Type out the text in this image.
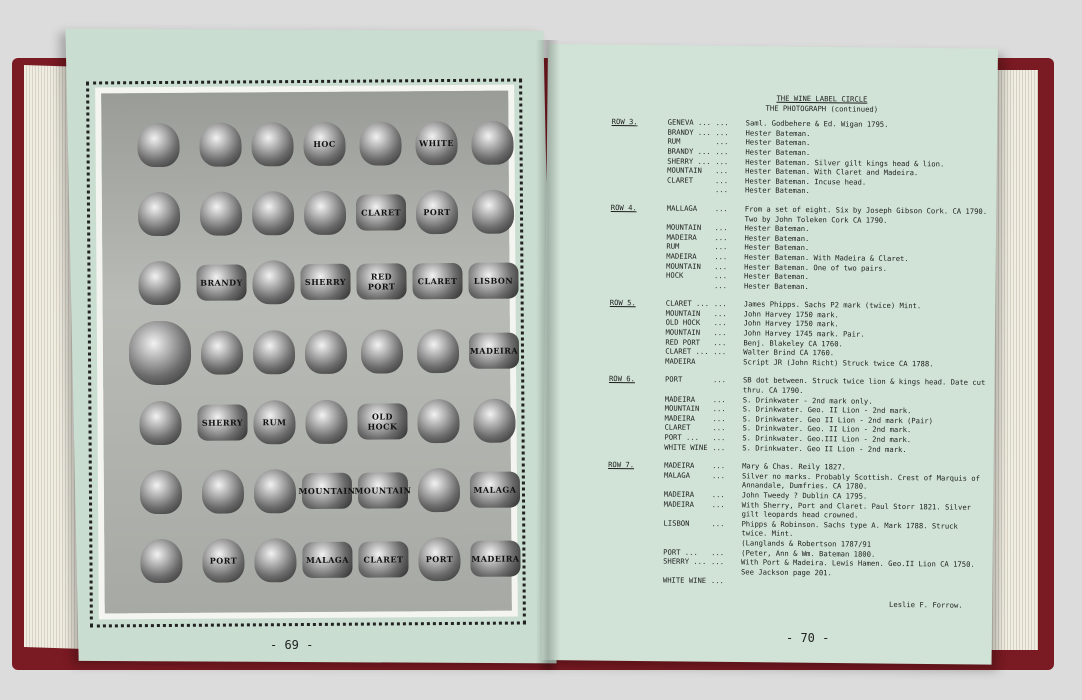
HOC	WHITE
CLARET	PORT
BRANDY	SHERRY
RED PORT
CLARET	LISBON
MADEIRA
SHERRY	RUM
OLD HOCK
MOUNTAIN MOUNTAIN	MALAGA
PORT	MALAGA	CLARET	PORT	MADEIRA
- 69 -	- 70 -
THE WINE LABEL CIRCLE
THE PHOTOGRAPH (continued)
ROW 3.	GENEVA ... ...	Saml. Godbehere & Ed. Wigan 1795.
BRANDY ... ...	Hester Bateman.
RUM	...	Hester Bateman.
BRANDY ... ...	Hester Bateman.
SHERRY ... ...	Hester Bateman. Silver gilt kings head & lion.
MOUNTAIN	...	Hester Bateman. With Claret and Madeira.
CLARET	...	Hester Bateman. Incuse head.
...	Hester Bateman.
ROW 4.	MALLAGA	...	From a set of eight. Six by Joseph Gibson Cork. CA 1790. Two by John Toleken Cork CA 1790.
MOUNTAIN	...	Hester Bateman.
MADEIRA	...	Hester Bateman.
RUM	...	Hester Bateman.
MADEIRA	...	Hester Bateman. With Madeira & Claret.
MOUNTAIN	...	Hester Bateman. One of two pairs.
HOCK	...	Hester Bateman.
...	Hester Bateman.
ROW 5.	CLARET ... ...	James Phipps. Sachs P2 mark (twice) Mint.
MOUNTAIN	...	John Harvey 1750 mark.
OLD HOCK	...	John Harvey 1750 mark.
MOUNTAIN	...	John Harvey 1745 mark. Pair.
RED PORT	...	Benj. Blakeley CA 1760.
CLARET ... ...	Walter Brind CA 1760.
MADEIRA	Script JR (John Richt) Struck twice CA 1788.
ROW 6.	PORT	...	SB dot between. Struck twice lion & kings head. Date cut thru. CA 1790.
MADEIRA	...	S. Drinkwater - 2nd mark only.
MOUNTAIN	...	S. Drinkwater. Geo. II Lion - 2nd mark.
MADEIRA	...	S. Drinkwater. Geo II Lion - 2nd mark (Pair)
CLARET	...	S. Drinkwater. Geo. II Lion - 2nd mark.
PORT ...	...	S. Drinkwater. Geo.III Lion - 2nd mark.
WHITE WINE ...	S. Drinkwater. Geo II Lion - 2nd mark.
ROW 7.	MADEIRA	...	Mary & Chas. Reily 1827.
MALAGA	...	Silver no marks. Probably Scottish. Crest of Marquis of Annandale, Dumfries. CA 1780.
MADEIRA	...	John Tweedy ? Dublin CA 1795.
MADEIRA	...	With Sherry, Port and Claret. Paul Storr 1821. Silver gilt leopards head crowned.
LISBON	...	Phipps & Robinson. Sachs type A. Mark 1788. Struck twice. Mint.
(Langlands & Robertson 1787/91
PORT ...	...	(Peter, Ann & Wm. Bateman 1800.
SHERRY ... ...	With Port & Madeira. Lewis Hamen. Geo.II Lion CA 1750. See Jackson page 201.
WHITE WINE ...
Leslie F. Forrow.
